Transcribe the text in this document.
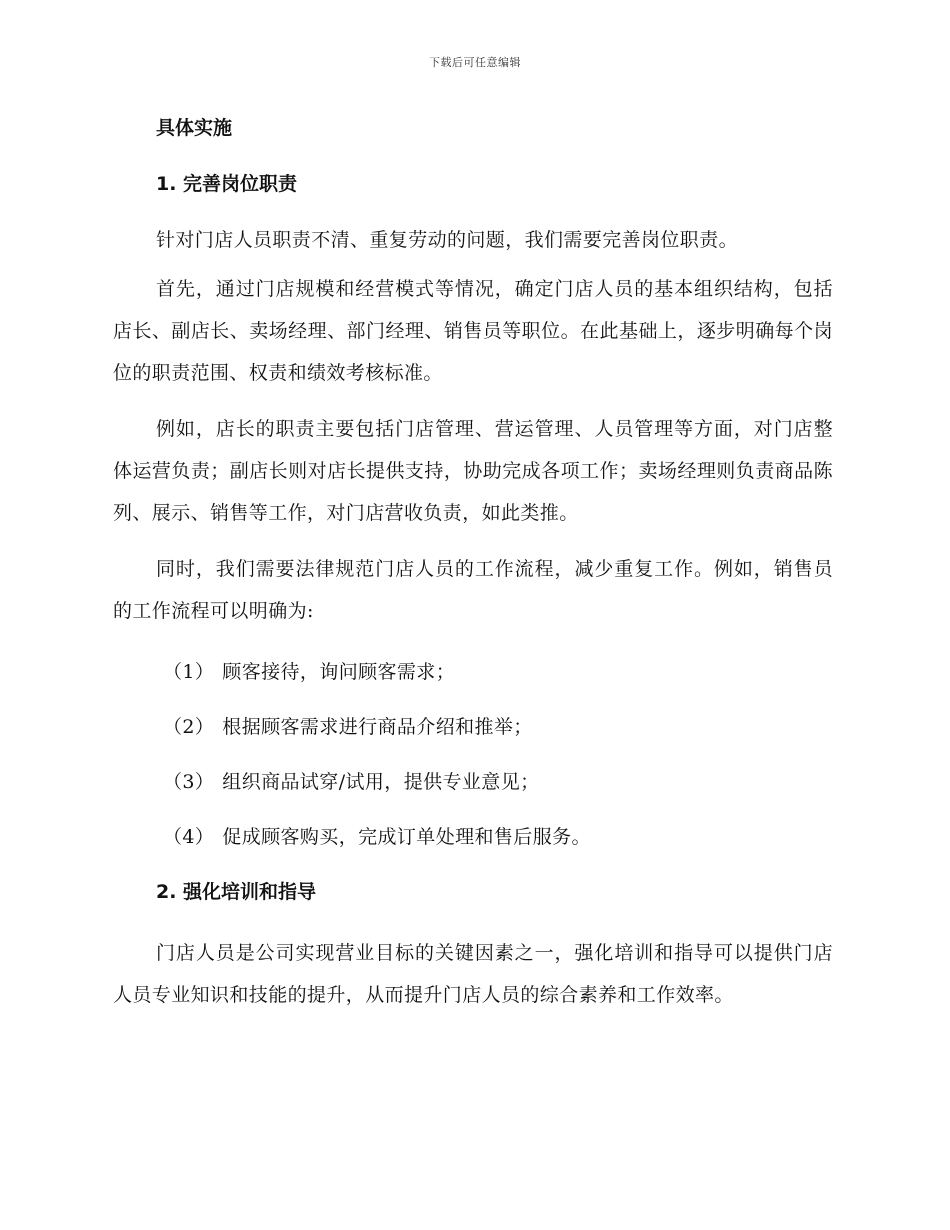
下载后可任意编辑
具体实施
1. 完善岗位职责

针对门店人员职责不清、重复劳动的问题，我们需要完善岗位职责。

首先，通过门店规模和经营模式等情况，确定门店人员的基本组织结构，包括店长、副店长、卖场经理、部门经理、销售员等职位。在此基础上，逐步明确每个岗位的职责范围、权责和绩效考核标准。

例如，店长的职责主要包括门店管理、营运管理、人员管理等方面，对门店整体运营负责；副店长则对店长提供支持，协助完成各项工作；卖场经理则负责商品陈列、展示、销售等工作，对门店营收负责，如此类推。

同时，我们需要法律规范门店人员的工作流程，减少重复工作。例如，销售员的工作流程可以明确为:

（1） 顾客接待，询问顾客需求；
（2） 根据顾客需求进行商品介绍和推举；
（3） 组织商品试穿/试用，提供专业意见；
（4） 促成顾客购买，完成订单处理和售后服务。
2. 强化培训和指导

门店人员是公司实现营业目标的关键因素之一，强化培训和指导可以提供门店人员专业知识和技能的提升，从而提升门店人员的综合素养和工作效率。
